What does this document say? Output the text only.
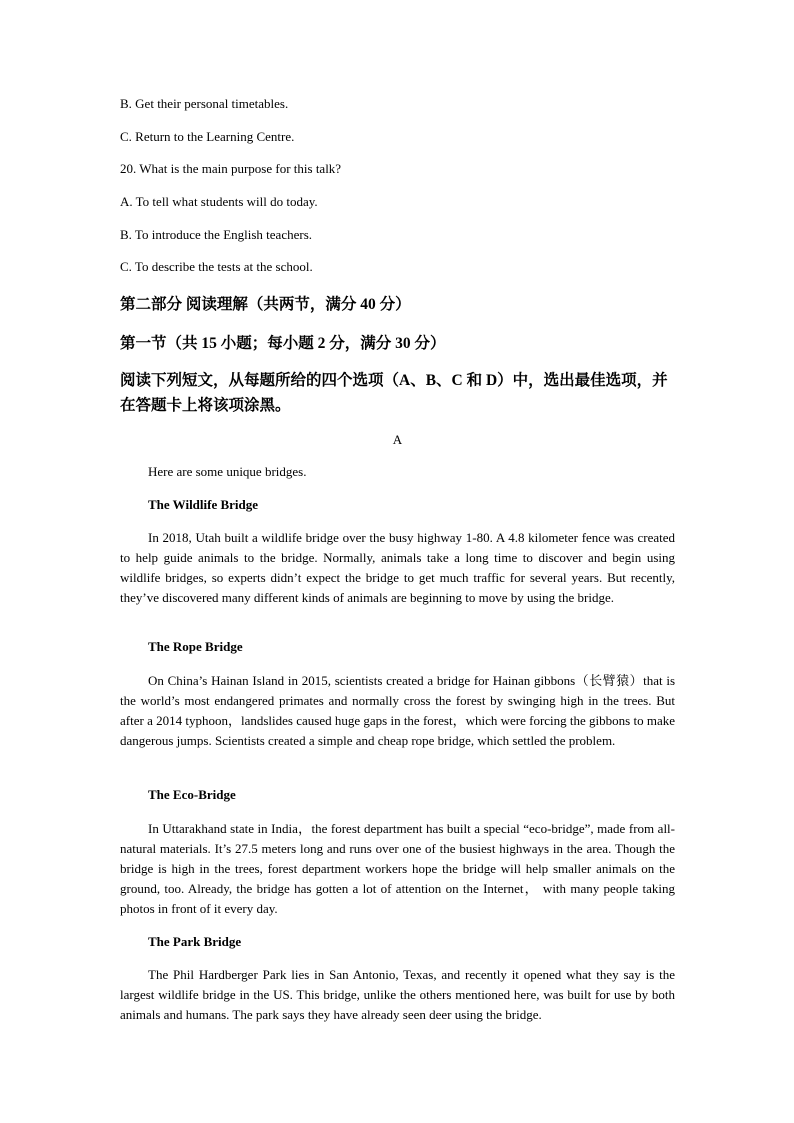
B. Get their personal timetables.
C. Return to the Learning Centre.
20. What is the main purpose for this talk?
A. To tell what students will do today.
B. To introduce the English teachers.
C. To describe the tests at the school.
第二部分 阅读理解（共两节，满分 40 分）
第一节（共 15 小题；每小题 2 分，满分 30 分）
阅读下列短文，从每题所给的四个选项（A、B、C 和 D）中，选出最佳选项，并在答题卡上将该项涂黑。
A
Here are some unique bridges.
The Wildlife Bridge
In 2018, Utah built a wildlife bridge over the busy highway 1-80. A 4.8 kilometer fence was created to help guide animals to the bridge. Normally, animals take a long time to discover and begin using wildlife bridges, so experts didn’t expect the bridge to get much traffic for several years. But recently, they’ve discovered many different kinds of animals are beginning to move by using the bridge.
The Rope Bridge
On China’s Hainan Island in 2015, scientists created a bridge for Hainan gibbons（长臂猿）that is the world’s most endangered primates and normally cross the forest by swinging high in the trees. But after a 2014 typhoon，landslides caused huge gaps in the forest，which were forcing the gibbons to make dangerous jumps. Scientists created a simple and cheap rope bridge, which settled the problem.
The Eco-Bridge
In Uttarakhand state in India，the forest department has built a special “eco-bridge”, made from all-natural materials. It’s 27.5 meters long and runs over one of the busiest highways in the area. Though the bridge is high in the trees, forest department workers hope the bridge will help smaller animals on the ground, too. Already, the bridge has gotten a lot of attention on the Internet， with many people taking photos in front of it every day.
The Park Bridge
The Phil Hardberger Park lies in San Antonio, Texas, and recently it opened what they say is the largest wildlife bridge in the US. This bridge, unlike the others mentioned here, was built for use by both animals and humans. The park says they have already seen deer using the bridge.
